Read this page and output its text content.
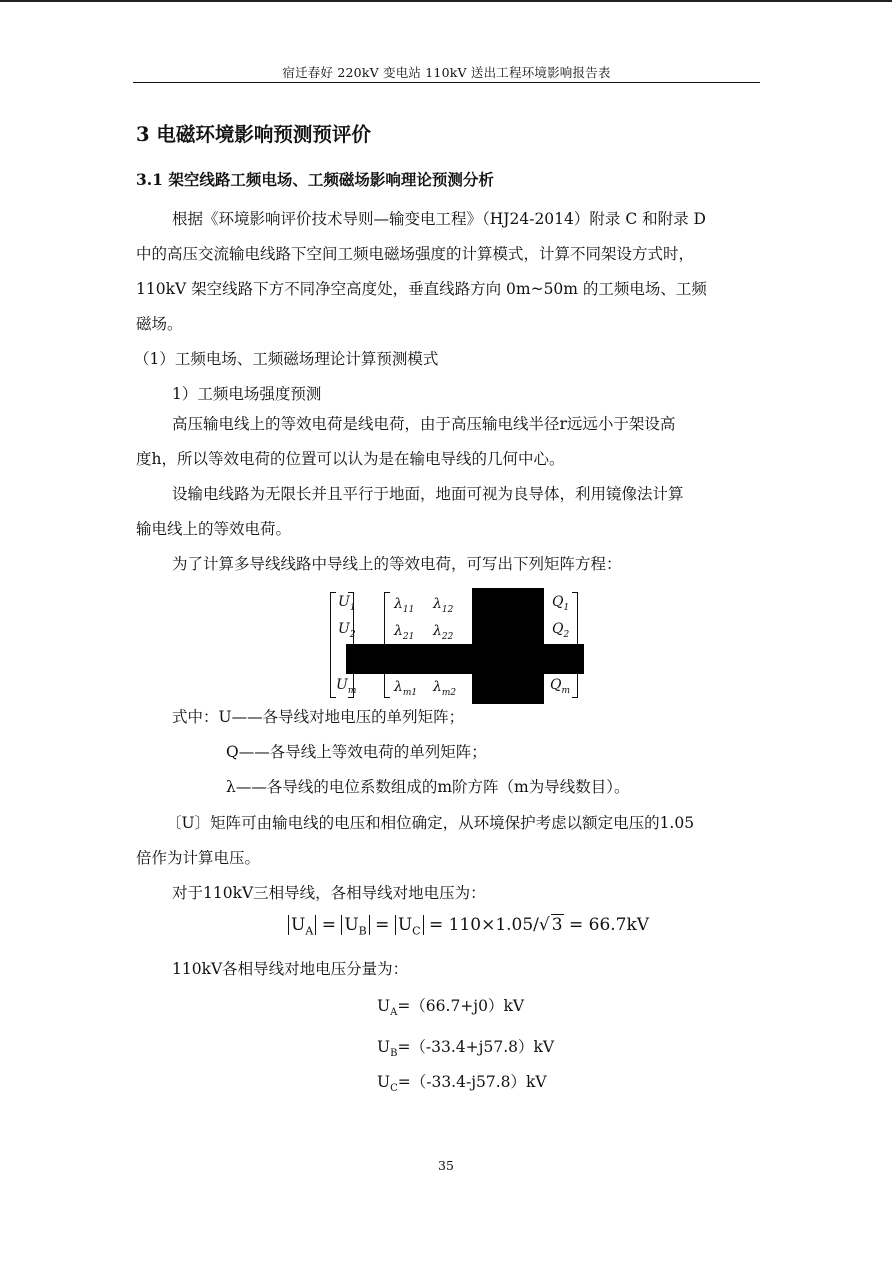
宿迁春好 220kV 变电站 110kV 送出工程环境影响报告表
3 电磁环境影响预测预评价
3.1 架空线路工频电场、工频磁场影响理论预测分析
根据《环境影响评价技术导则—输变电工程》（HJ24-2014）附录 C 和附录 D
中的高压交流输电线路下空间工频电磁场强度的计算模式，计算不同架设方式时，
110kV 架空线路下方不同净空高度处，垂直线路方向 0m~50m 的工频电场、工频
磁场。
（1）工频电场、工频磁场理论计算预测模式
1）工频电场强度预测
高压输电线上的等效电荷是线电荷，由于高压输电线半径r远远小于架设高
度h，所以等效电荷的位置可以认为是在输电导线的几何中心。
设输电线路为无限长并且平行于地面，地面可视为良导体，利用镜像法计算
输电线上的等效电荷。
为了计算多导线线路中导线上的等效电荷，可写出下列矩阵方程：
$U_1$
$U_2$
$U_m$
$\lambda_{11}$ $\lambda_{12}$
$\lambda_{21}$ $\lambda_{22}$
$\lambda_{m1}$ $\lambda_{m2}$
$Q_1$
$Q_2$
$Q_m$
式中：U——各导线对地电压的单列矩阵；
Q——各导线上等效电荷的单列矩阵；
λ——各导线的电位系数组成的m阶方阵（m为导线数目）。
〔U〕矩阵可由输电线的电压和相位确定，从环境保护考虑以额定电压的1.05
倍作为计算电压。
对于110kV三相导线，各相导线对地电压为：
$U_A = U_B = U_C = 110\times 1.05/√$ 3 = 66.7kV
110kV各相导线对地电压分量为：
$U_A=(66.7+j0)kV$
$U_B=(-33.4+j57.8)kV$
$U_C=(-33.4-j57.8)kV$
35
